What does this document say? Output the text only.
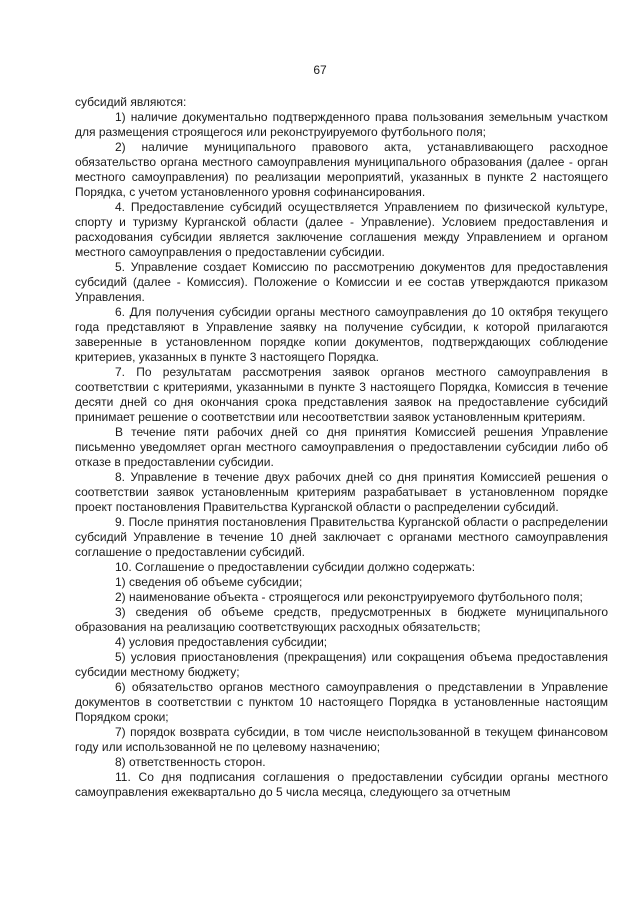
67

субсидий являются:

1) наличие документально подтвержденного права пользования земельным участком для размещения строящегося или реконструируемого футбольного поля;

2) наличие муниципального правового акта, устанавливающего расходное обязательство органа местного самоуправления муниципального образования (далее - орган местного самоуправления) по реализации мероприятий, указанных в пункте 2 настоящего Порядка, с учетом установленного уровня софинансирования.

4. Предоставление субсидий осуществляется Управлением по физической культуре, спорту и туризму Курганской области (далее - Управление). Условием предоставления и расходования субсидии является заключение соглашения между Управлением и органом местного самоуправления о предоставлении субсидии.

5. Управление создает Комиссию по рассмотрению документов для предоставления субсидий (далее - Комиссия). Положение о Комиссии и ее состав утверждаются приказом Управления.

6. Для получения субсидии органы местного самоуправления до 10 октября текущего года представляют в Управление заявку на получение субсидии, к которой прилагаются заверенные в установленном порядке копии документов, подтверждающих соблюдение критериев, указанных в пункте 3 настоящего Порядка.

7. По результатам рассмотрения заявок органов местного самоуправления в соответствии с критериями, указанными в пункте 3 настоящего Порядка, Комиссия в течение десяти дней со дня окончания срока представления заявок на предоставление субсидий принимает решение о соответствии или несоответствии заявок установленным критериям.

В течение пяти рабочих дней со дня принятия Комиссией решения Управление письменно уведомляет орган местного самоуправления о предоставлении субсидии либо об отказе в предоставлении субсидии.

8. Управление в течение двух рабочих дней со дня принятия Комиссией решения о соответствии заявок установленным критериям разрабатывает в установленном порядке проект постановления Правительства Курганской области о распределении субсидий.

9. После принятия постановления Правительства Курганской области о распределении субсидий Управление в течение 10 дней заключает с органами местного самоуправления соглашение о предоставлении субсидий.

10. Соглашение о предоставлении субсидии должно содержать:

1) сведения об объеме субсидии;

2) наименование объекта - строящегося или реконструируемого футбольного поля;

3) сведения об объеме средств, предусмотренных в бюджете муниципального образования на реализацию соответствующих расходных обязательств;

4) условия предоставления субсидии;

5) условия приостановления (прекращения) или сокращения объема предоставления субсидии местному бюджету;

6) обязательство органов местного самоуправления о представлении в Управление документов в соответствии с пунктом 10 настоящего Порядка в установленные настоящим Порядком сроки;

7) порядок возврата субсидии, в том числе неиспользованной в текущем финансовом году или использованной не по целевому назначению;

8) ответственность сторон.

11. Со дня подписания соглашения о предоставлении субсидии органы местного самоуправления ежеквартально до 5 числа месяца, следующего за отчетным
